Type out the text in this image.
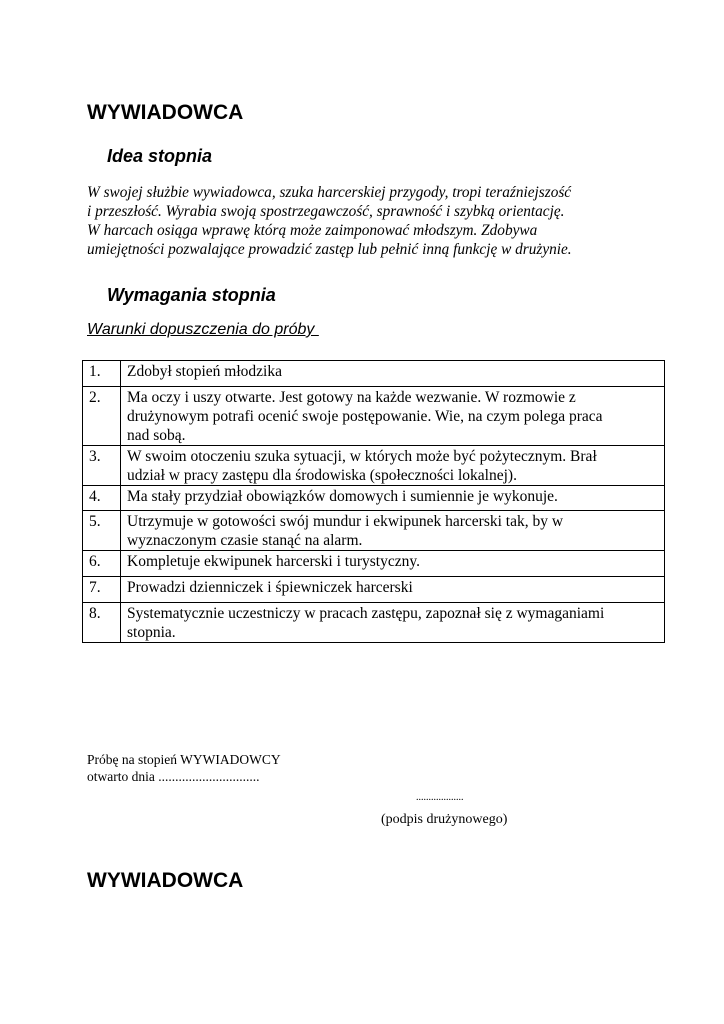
WYWIADOWCA
Idea stopnia

W swojej służbie wywiadowca, szuka harcerskiej przygody, tropi teraźniejszość
i przeszłość. Wyrabia swoją spostrzegawczość, sprawność i szybką orientację.
W harcach osiąga wprawę którą może zaimponować młodszym. Zdobywa
umiejętności pozwalające prowadzić zastęp lub pełnić inną funkcję w drużynie.

Wymagania stopnia

Warunki dopuszczenia do próby

1.	Zdobył stopień młodzika

2.	Ma oczy i uszy otwarte. Jest gotowy na każde wezwanie. W rozmowie z
drużynowym potrafi ocenić swoje postępowanie. Wie, na czym polega praca
nad sobą.

3.	W swoim otoczeniu szuka sytuacji, w których może być pożytecznym. Brał
udział w pracy zastępu dla środowiska (społeczności lokalnej).

4.	Ma stały przydział obowiązków domowych i sumiennie je wykonuje.

5.	Utrzymuje w gotowości swój mundur i ekwipunek harcerski tak, by w
wyznaczonym czasie stanąć na alarm.

6.	Kompletuje ekwipunek harcerski i turystyczny.

7.	Prowadzi dzienniczek i śpiewniczek harcerski

8.	Systematycznie uczestniczy w pracach zastępu, zapoznał się z wymaganiami
stopnia.

Próbę na stopień WYWIADOWCY

otwarto dnia ..............................

...................

(podpis drużynowego)

WYWIADOWCA
